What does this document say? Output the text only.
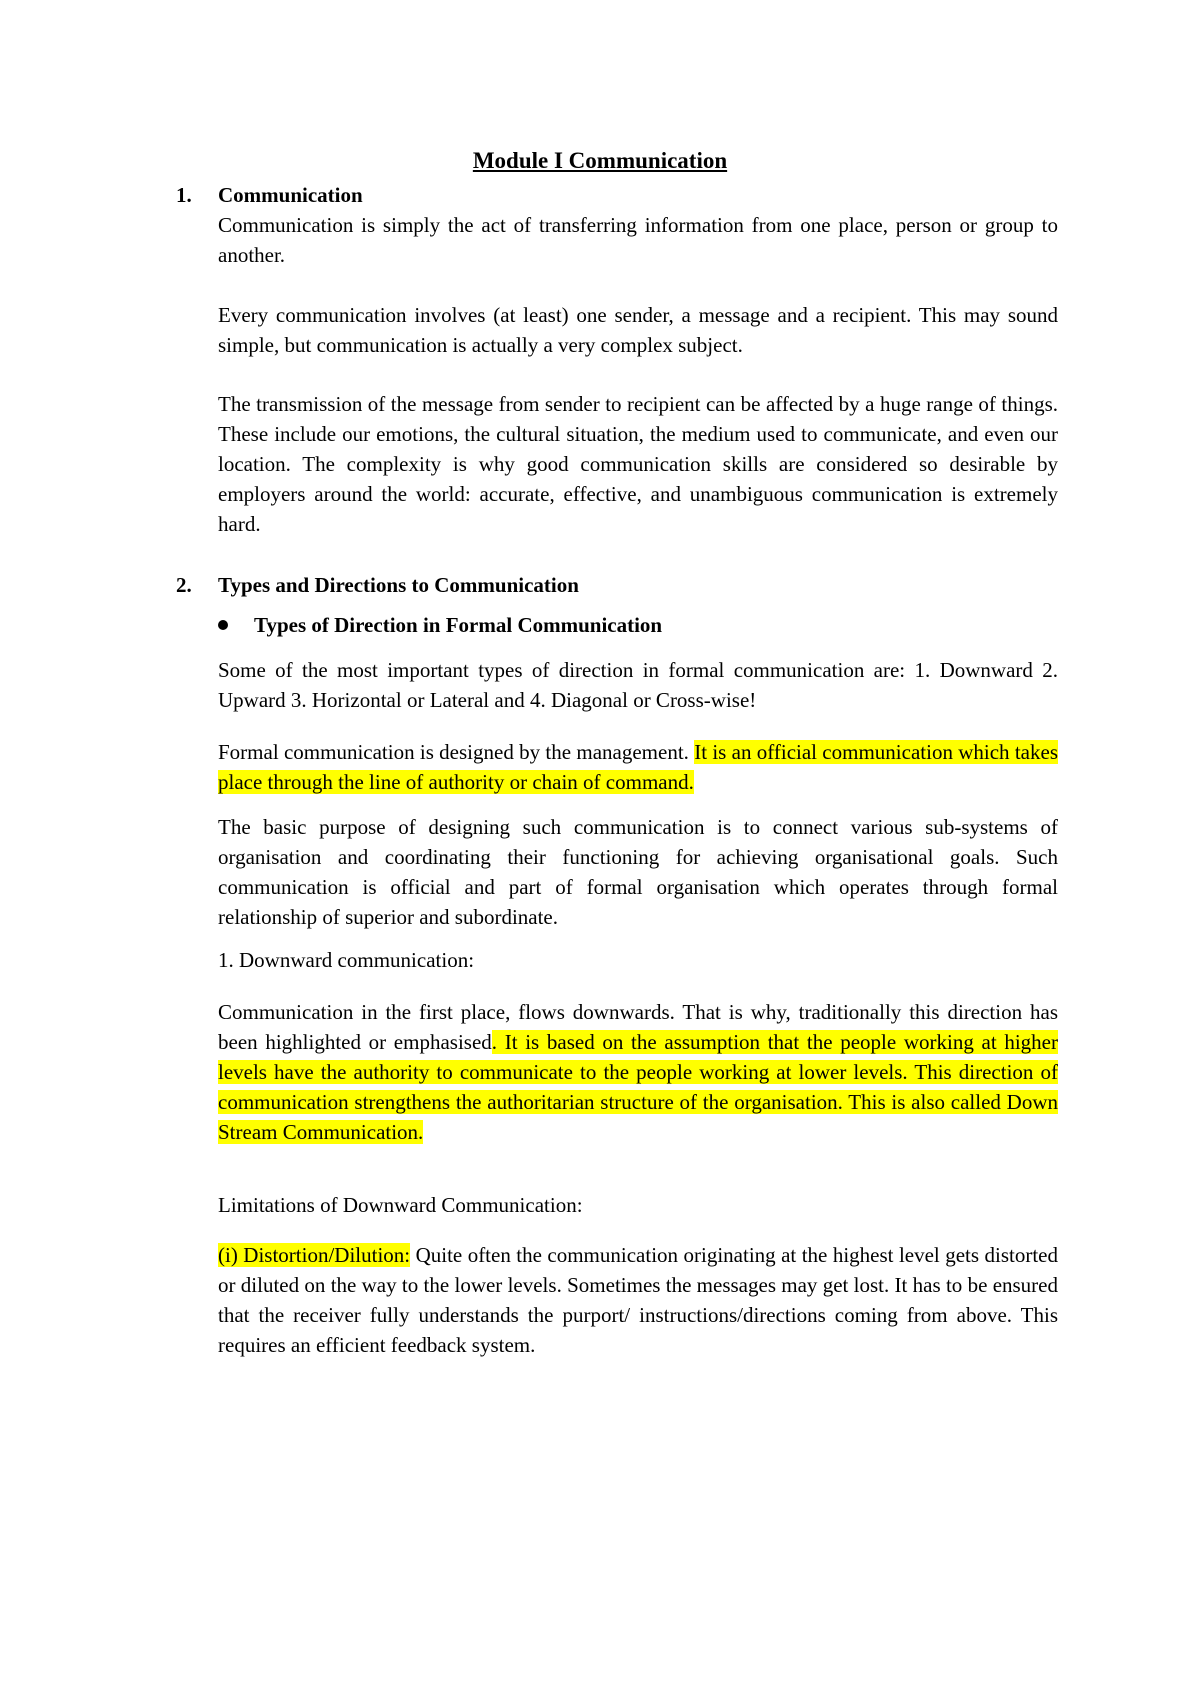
Module I Communication

1. Communication

Communication is simply the act of transferring information from one place, person or group to another.

Every communication involves (at least) one sender, a message and a recipient. This may sound simple, but communication is actually a very complex subject.

The transmission of the message from sender to recipient can be affected by a huge range of things. These include our emotions, the cultural situation, the medium used to communicate, and even our location. The complexity is why good communication skills are considered so desirable by employers around the world: accurate, effective, and unambiguous communication is extremely hard.

2. Types and Directions to Communication

Types of Direction in Formal Communication

Some of the most important types of direction in formal communication are: 1. Downward 2. Upward 3. Horizontal or Lateral and 4. Diagonal or Cross-wise!

Formal communication is designed by the management. It is an official communication which takes place through the line of authority or chain of command.

The basic purpose of designing such communication is to connect various sub-systems of organisation and coordinating their functioning for achieving organisational goals. Such communication is official and part of formal organisation which operates through formal relationship of superior and subordinate.

1. Downward communication:

Communication in the first place, flows downwards. That is why, traditionally this direction has been highlighted or emphasised. It is based on the assumption that the people working at higher levels have the authority to communicate to the people working at lower levels. This direction of communication strengthens the authoritarian structure of the organisation. This is also called Down Stream Communication.

Limitations of Downward Communication:

(i) Distortion/Dilution: Quite often the communication originating at the highest level gets distorted or diluted on the way to the lower levels. Sometimes the messages may get lost. It has to be ensured that the receiver fully understands the purport/ instructions/directions coming from above. This requires an efficient feedback system.
